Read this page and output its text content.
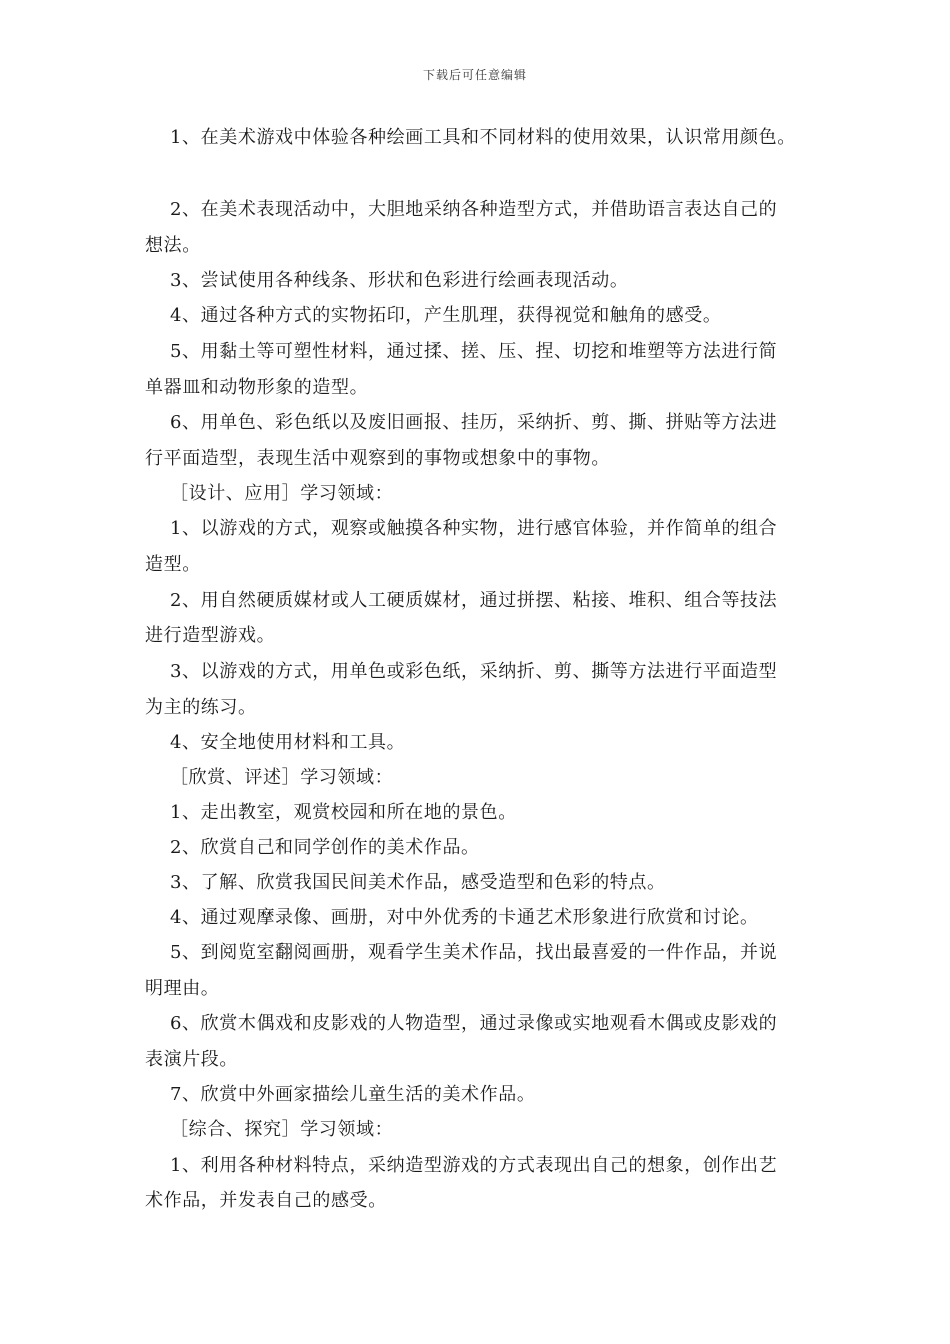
下载后可任意编辑
1、在美术游戏中体验各种绘画工具和不同材料的使用效果，认识常用颜色。
2、在美术表现活动中，大胆地采纳各种造型方式，并借助语言表达自己的
想法。
3、尝试使用各种线条、形状和色彩进行绘画表现活动。
4、通过各种方式的实物拓印，产生肌理，获得视觉和触角的感受。
5、用黏土等可塑性材料，通过揉、搓、压、捏、切挖和堆塑等方法进行简
单器皿和动物形象的造型。
6、用单色、彩色纸以及废旧画报、挂历，采纳折、剪、撕、拼贴等方法进
行平面造型，表现生活中观察到的事物或想象中的事物。
［设计、应用］学习领域：
1、以游戏的方式，观察或触摸各种实物，进行感官体验，并作简单的组合
造型。
2、用自然硬质媒材或人工硬质媒材，通过拼摆、粘接、堆积、组合等技法
进行造型游戏。
3、以游戏的方式，用单色或彩色纸，采纳折、剪、撕等方法进行平面造型
为主的练习。
4、安全地使用材料和工具。
［欣赏、评述］学习领域：
1、走出教室，观赏校园和所在地的景色。
2、欣赏自己和同学创作的美术作品。
3、了解、欣赏我国民间美术作品，感受造型和色彩的特点。
4、通过观摩录像、画册，对中外优秀的卡通艺术形象进行欣赏和讨论。
5、到阅览室翻阅画册，观看学生美术作品，找出最喜爱的一件作品，并说
明理由。
6、欣赏木偶戏和皮影戏的人物造型，通过录像或实地观看木偶或皮影戏的
表演片段。
7、欣赏中外画家描绘儿童生活的美术作品。
［综合、探究］学习领域：
1、利用各种材料特点，采纳造型游戏的方式表现出自己的想象，创作出艺
术作品，并发表自己的感受。
